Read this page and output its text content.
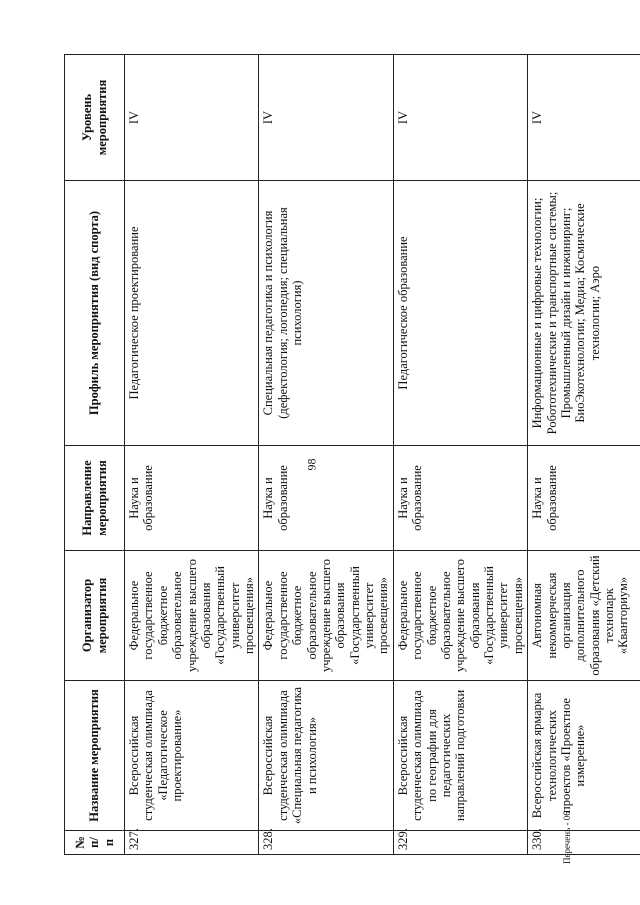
98
№ п/п	Название мероприятия	Организатор мероприятия	Направление мероприятия	Профиль мероприятия (вид спорта)	Уровень мероприятия
327.	Всероссийская студенческая олимпиада «Педагогическое проектирование»	Федеральное государственное бюджетное образовательное учреждение высшего образования «Государственный университет просвещения»	Наука и образование	Педагогическое проектирование	IV
328.	Всероссийская студенческая олимпиада «Специальная педагогика и психология»	Федеральное государственное бюджетное образовательное учреждение высшего образования «Государственный университет просвещения»	Наука и образование	Специальная педагогика и психология (дефектология; логопедия; специальная психология)	IV
329.	Всероссийская студенческая олимпиада по географии для педагогических направлений подготовки	Федеральное государственное бюджетное образовательное учреждение высшего образования «Государственный университет просвещения»	Наука и образование	Педагогическое образование	IV
330.	Всероссийская ярмарка технологических проектов «Проектное измерение»	Автономная некоммерческая организация дополнительного образования «Детский технопарк «Кванториум»	Наука и образование	Информационные и цифровые технологии; Робототехнические и транспортные системы; Промышленный дизайн и инжиниринг; БиоЭкотехнологии; Медиа; Космические технологии; Аэро	IV
Перечень - 06
